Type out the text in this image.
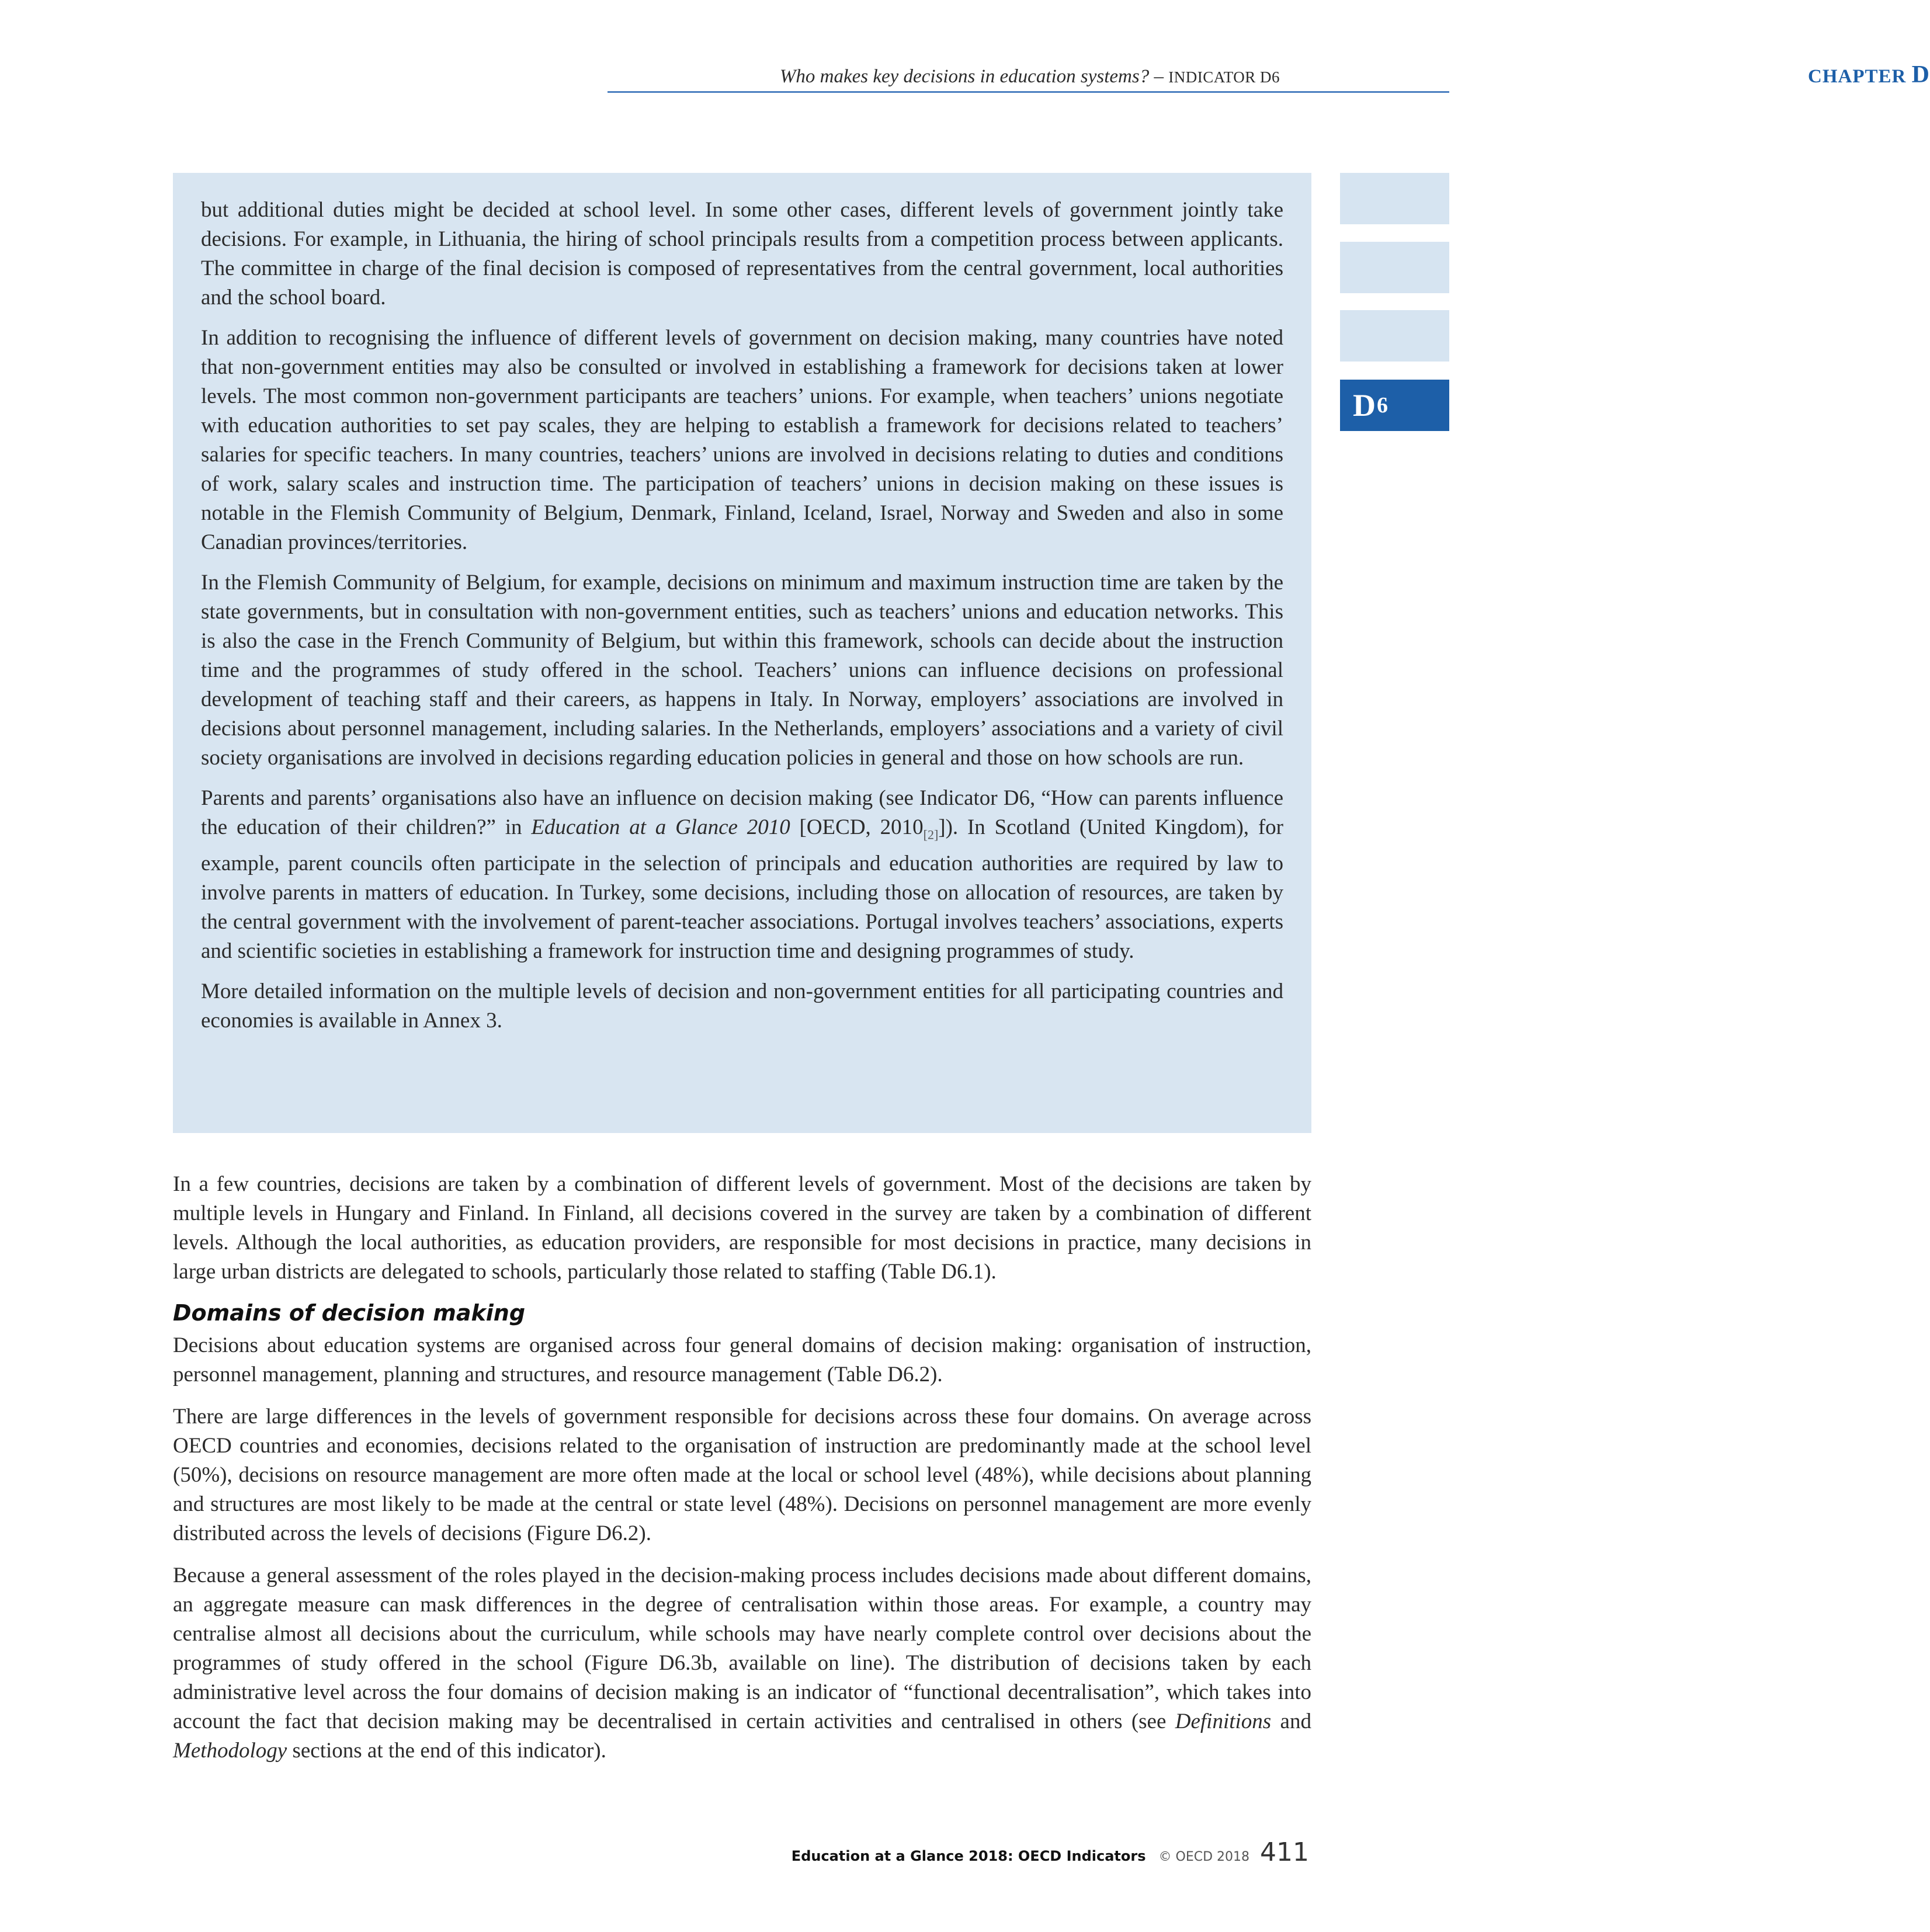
Who makes key decisions in education systems? – INDICATOR D6	CHAPTER D
D 6

but additional duties might be decided at school level. In some other cases, different levels of government jointly take decisions. For example, in Lithuania, the hiring of school principals results from a competition process between applicants. The committee in charge of the final decision is composed of representatives from the central government, local authorities and the school board.

In addition to recognising the influence of different levels of government on decision making, many countries have noted that non-government entities may also be consulted or involved in establishing a framework for decisions taken at lower levels. The most common non-government participants are teachers’ unions. For example, when teachers’ unions negotiate with education authorities to set pay scales, they are helping to establish a framework for decisions related to teachers’ salaries for specific teachers. In many countries, teachers’ unions are involved in decisions relating to duties and conditions of work, salary scales and instruction time. The participation of teachers’ unions in decision making on these issues is notable in the Flemish Community of Belgium, Denmark, Finland, Iceland, Israel, Norway and Sweden and also in some Canadian provinces/territories.

In the Flemish Community of Belgium, for example, decisions on minimum and maximum instruction time are taken by the state governments, but in consultation with non-government entities, such as teachers’ unions and education networks. This is also the case in the French Community of Belgium, but within this framework, schools can decide about the instruction time and the programmes of study offered in the school. Teachers’ unions can influence decisions on professional development of teaching staff and their careers, as happens in Italy. In Norway, employers’ associations are involved in decisions about personnel management, including salaries. In the Netherlands, employers’ associations and a variety of civil society organisations are involved in decisions regarding education policies in general and those on how schools are run.

Parents and parents’ organisations also have an influence on decision making (see Indicator D6, “How can parents influence the education of their children?” in Education at a Glance 2010 [OECD, $2010_{[2]}$]). In Scotland (United Kingdom), for example, parent councils often participate in the selection of principals and education authorities are required by law to involve parents in matters of education. In Turkey, some decisions, including those on allocation of resources, are taken by the central government with the involvement of parent-teacher associations. Portugal involves teachers’ associations, experts and scientific societies in establishing a framework for instruction time and designing programmes of study.

More detailed information on the multiple levels of decision and non-government entities for all participating countries and economies is available in Annex 3.

In a few countries, decisions are taken by a combination of different levels of government. Most of the decisions are taken by multiple levels in Hungary and Finland. In Finland, all decisions covered in the survey are taken by a combination of different levels. Although the local authorities, as education providers, are responsible for most decisions in practice, many decisions in large urban districts are delegated to schools, particularly those related to staffing (Table D6.1).

Domains of decision making

Decisions about education systems are organised across four general domains of decision making: organisation of instruction, personnel management, planning and structures, and resource management (Table D6.2).

There are large differences in the levels of government responsible for decisions across these four domains. On average across OECD countries and economies, decisions related to the organisation of instruction are predominantly made at the school level (50%), decisions on resource management are more often made at the local or school level (48%), while decisions about planning and structures are most likely to be made at the central or state level (48%). Decisions on personnel management are more evenly distributed across the levels of decisions (Figure D6.2).

Because a general assessment of the roles played in the decision-making process includes decisions made about different domains, an aggregate measure can mask differences in the degree of centralisation within those areas. For example, a country may centralise almost all decisions about the curriculum, while schools may have nearly complete control over decisions about the programmes of study offered in the school (Figure D6.3b, available on line). The distribution of decisions taken by each administrative level across the four domains of decision making is an indicator of “functional decentralisation”, which takes into account the fact that decision making may be decentralised in certain activities and centralised in others (see Definitions and Methodology sections at the end of this indicator).

Education at a Glance 2018: OECD Indicators © OECD 2018 411
